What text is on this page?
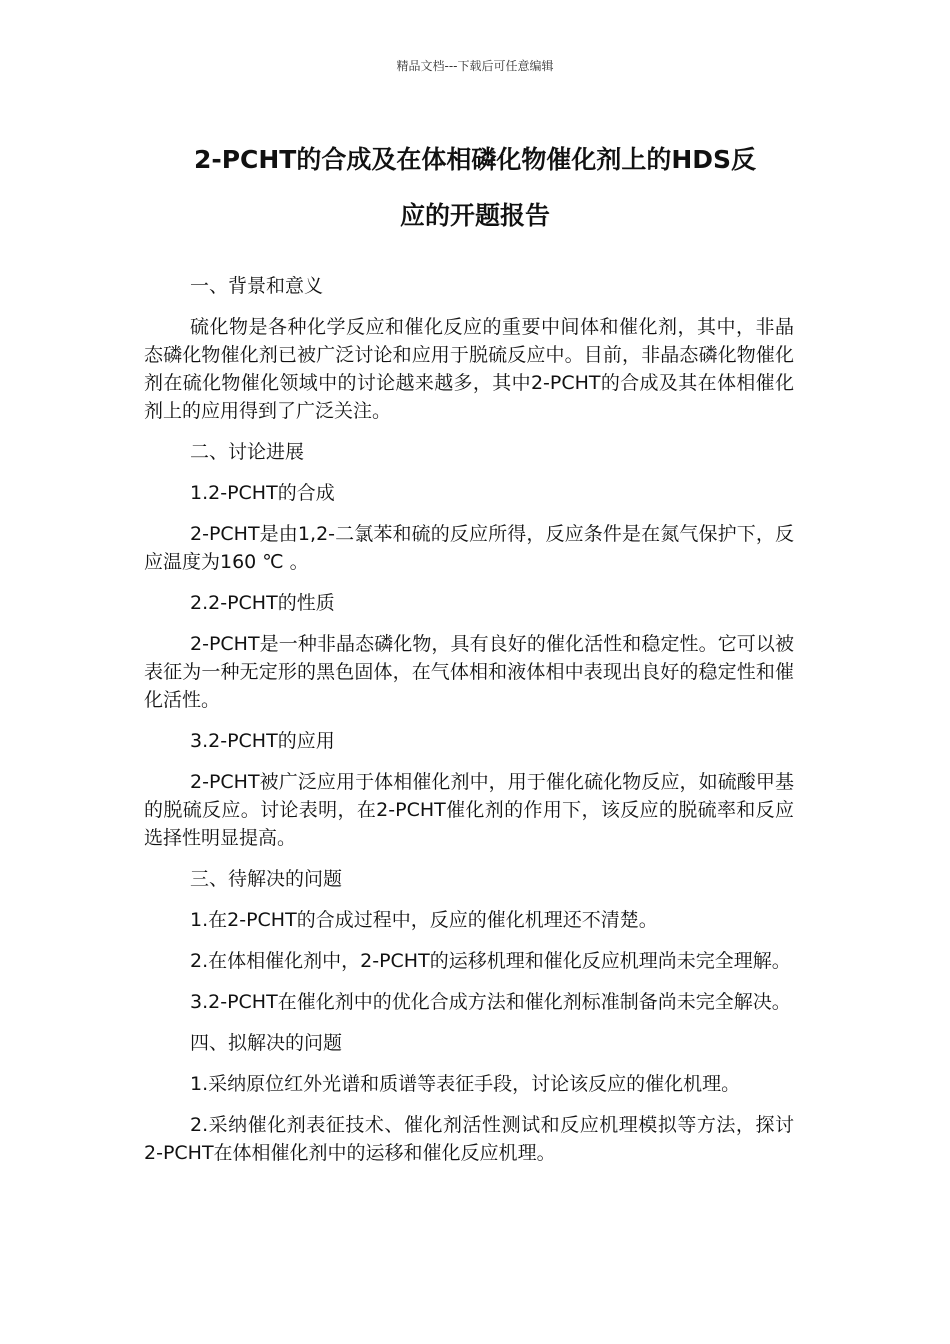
精品文档---下载后可任意编辑
2-PCHT的合成及在体相磷化物催化剂上的HDS反
应的开题报告

一、背景和意义

硫化物是各种化学反应和催化反应的重要中间体和催化剂，其中，非晶态磷化物催化剂已被广泛讨论和应用于脱硫反应中。目前，非晶态磷化物催化剂在硫化物催化领域中的讨论越来越多，其中2-PCHT的合成及其在体相催化剂上的应用得到了广泛关注。

二、讨论进展

1.2-PCHT的合成

2-PCHT是由1,2-二氯苯和硫的反应所得，反应条件是在氮气保护下，反应温度为160 ℃ 。

2.2-PCHT的性质

2-PCHT是一种非晶态磷化物，具有良好的催化活性和稳定性。它可以被表征为一种无定形的黑色固体，在气体相和液体相中表现出良好的稳定性和催化活性。

3.2-PCHT的应用

2-PCHT被广泛应用于体相催化剂中，用于催化硫化物反应，如硫酸甲基的脱硫反应。讨论表明，在2-PCHT催化剂的作用下，该反应的脱硫率和反应选择性明显提高。

三、待解决的问题

1.在2-PCHT的合成过程中，反应的催化机理还不清楚。

2.在体相催化剂中，2-PCHT的运移机理和催化反应机理尚未完全理解。

3.2-PCHT在催化剂中的优化合成方法和催化剂标准制备尚未完全解决。

四、拟解决的问题

1.采纳原位红外光谱和质谱等表征手段，讨论该反应的催化机理。

2.采纳催化剂表征技术、催化剂活性测试和反应机理模拟等方法，探讨2-PCHT在体相催化剂中的运移和催化反应机理。
